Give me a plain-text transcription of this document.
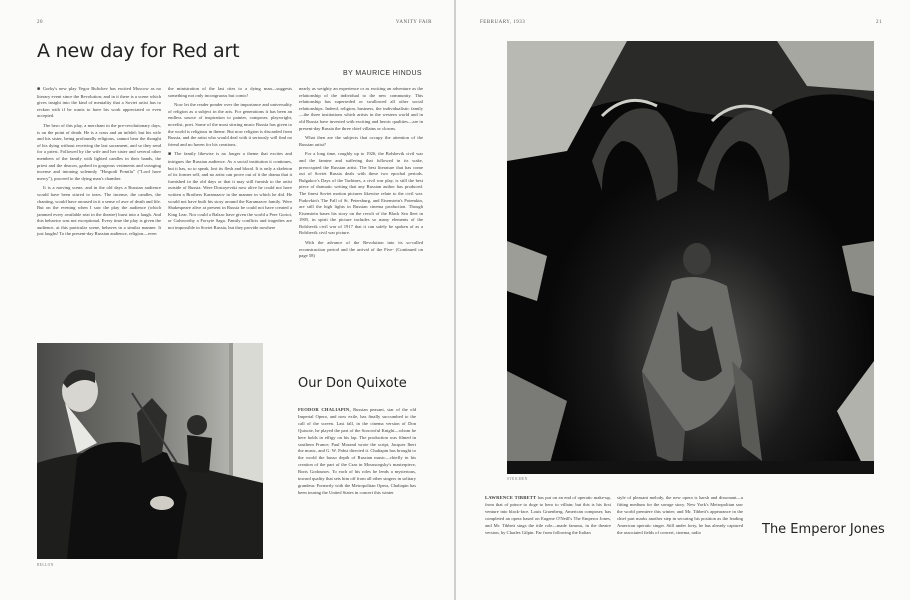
20	VANITY FAIR
A new day for Red art
BY MAURICE HINDUS

■ Gorky's new play Yegor Bulichev has excited Moscow as no literary event since the Revolution; and in it there is a scene which gives insight into the kind of mentality that a Soviet artist has to reckon with if he wants to have his work appreciated or even accepted.

The hero of this play, a merchant in the pre-revolutionary days, is on the point of death. He is a crass and an infidel; but his wife and his sister, being profoundly religious, cannot bear the thought of his dying without receiving the last sacrament, and so they send for a priest. Followed by the wife and her sister and several other members of the family with lighted candles in their hands, the priest and the deacon, garbed in gorgeous vestments and swinging incense and intoning solemnly "Hospodi Pomilu" ("Lord have mercy"), proceed to the dying man's chamber.

It is a moving scene, and in the old days a Russian audience would have been stirred to tears. The incense, the candles, the chanting, would have aroused in it a sense of awe of death and life. But on the evening when I saw the play the audience (which jammed every available seat in the theatre) burst into a laugh. And this behavior was not exceptional. Every time the play is given the audience, at this particular scene, behaves in a similar manner. It just laughs! To the present-day Russian audience, religion—even

the ministration of the last rites to a dying man—suggests something not only incongruous but comic!

Now let the reader ponder over the importance and universality of religion as a subject in the arts. For generations it has been an endless source of inspiration to painter, composer, playwright, novelist, poet. Some of the most stirring music Russia has given to the world is religious in theme. But now religion is discarded from Russia, and the artist who would deal with it seriously will find no friend and no haven for his creations.

■ The family likewise is no longer a theme that excites and intrigues the Russian audience. As a social institution it continues, but it has, so to speak, lost its flesh and blood. It is only a skeleton of its former self, and no artist can prove out of it the drama that it furnished in the old days or that it may still furnish to the artist outside of Russia. Were Dostoyevski now alive he could not have written a Brothers Karamazov in the manner in which he did. He would not have built his story around the Karamazov family. Were Shakespeare alive at present in Russia he could not have created a King Lear. Nor could a Balzac have given the world a Pere Goriot, or Galsworthy a Forsyte Saga. Family conflicts and tragedies are not impossible in Soviet Russia, but they provide nowhere

BELLON
Our Don Quixote
FEODOR CHALIAPIN, Russian peasant, star of the old Imperial Opera, and now exile, has finally succumbed to the call of the screen. Last fall, in the cinema version of Don Quixote, he played the part of the Sorrowful Knight—whom he here holds in effigy on his lap. The production was filmed in southern France; Paul Morand wrote the script, Jacques Ibert the music, and G. W. Pabst directed it. Chaliapin has brought to the world the basso depth of Russian music—chiefly in his creation of the part of the Czar in Moussorgsky's masterpiece, Boris Godounov. To each of his roles he lends a mysterious, inward quality that sets him off from all other singers in solitary grandeur. Formerly with the Metropolitan Opera, Chaliapin has been touring the United States in concert this winter

nearly as weighty an experience or as exciting an adventure as the relationship of the individual to the new community. This relationship has superseded or swallowed all other social relationships. Indeed, religion, business, the individualistic family—the three institutions which artists in the western world and in old Russia have invested with exciting and heroic qualities—are in present-day Russia the three chief villains or clowns.

What then are the subjects that occupy the attention of the Russian artist?

For a long time, roughly up to 1926, the Bolshevik civil war and the famine and suffering that followed in its wake, preoccupied the Russian artist. The best literature that has come out of Soviet Russia deals with these two epochal periods. Bulgakov's Days of the Turbines, a civil war play, is still the best piece of dramatic writing that any Russian author has produced. The finest Soviet motion pictures likewise relate to the civil war. Pudovkin's The Fall of St. Petersburg, and Eisenstein's Potemkin, are still the high lights in Russian cinema production. Though Eisenstein bases his story on the revolt of the Black Sea fleet in 1905, in spirit the picture includes so many elements of the Bolshevik civil war of 1917 that it can safely be spoken of as a Bolshevik civil war picture.

With the advance of the Revolution into its so-called reconstruction period and the arrival of the Five- (Continued on page 58)

FEBRUARY, 1933	21
STEICHEN
LAWRENCE TIBBETT has put on an end of operatic make-up, from that of prince to doge to hero to villain; but this is his first venture into black-face. Louis Gruenberg, American composer, has completed an opera based on Eugene O'Neill's The Emperor Jones, and Mr. Tibbett sings the title role—made famous, in the theatre version, by Charles Gilpin. Far from following the Italian
style of pleasant melody, the new opera is harsh and dissonant—a fitting medium for the savage story. New York's Metropolitan saw the world premiere this winter; and Mr. Tibbett's appearance in the chief part marks another step in securing his position as the leading American operatic singer. Still under forty, he has already captured the associated fields of concert, cinema, radio	The Emperor Jones
